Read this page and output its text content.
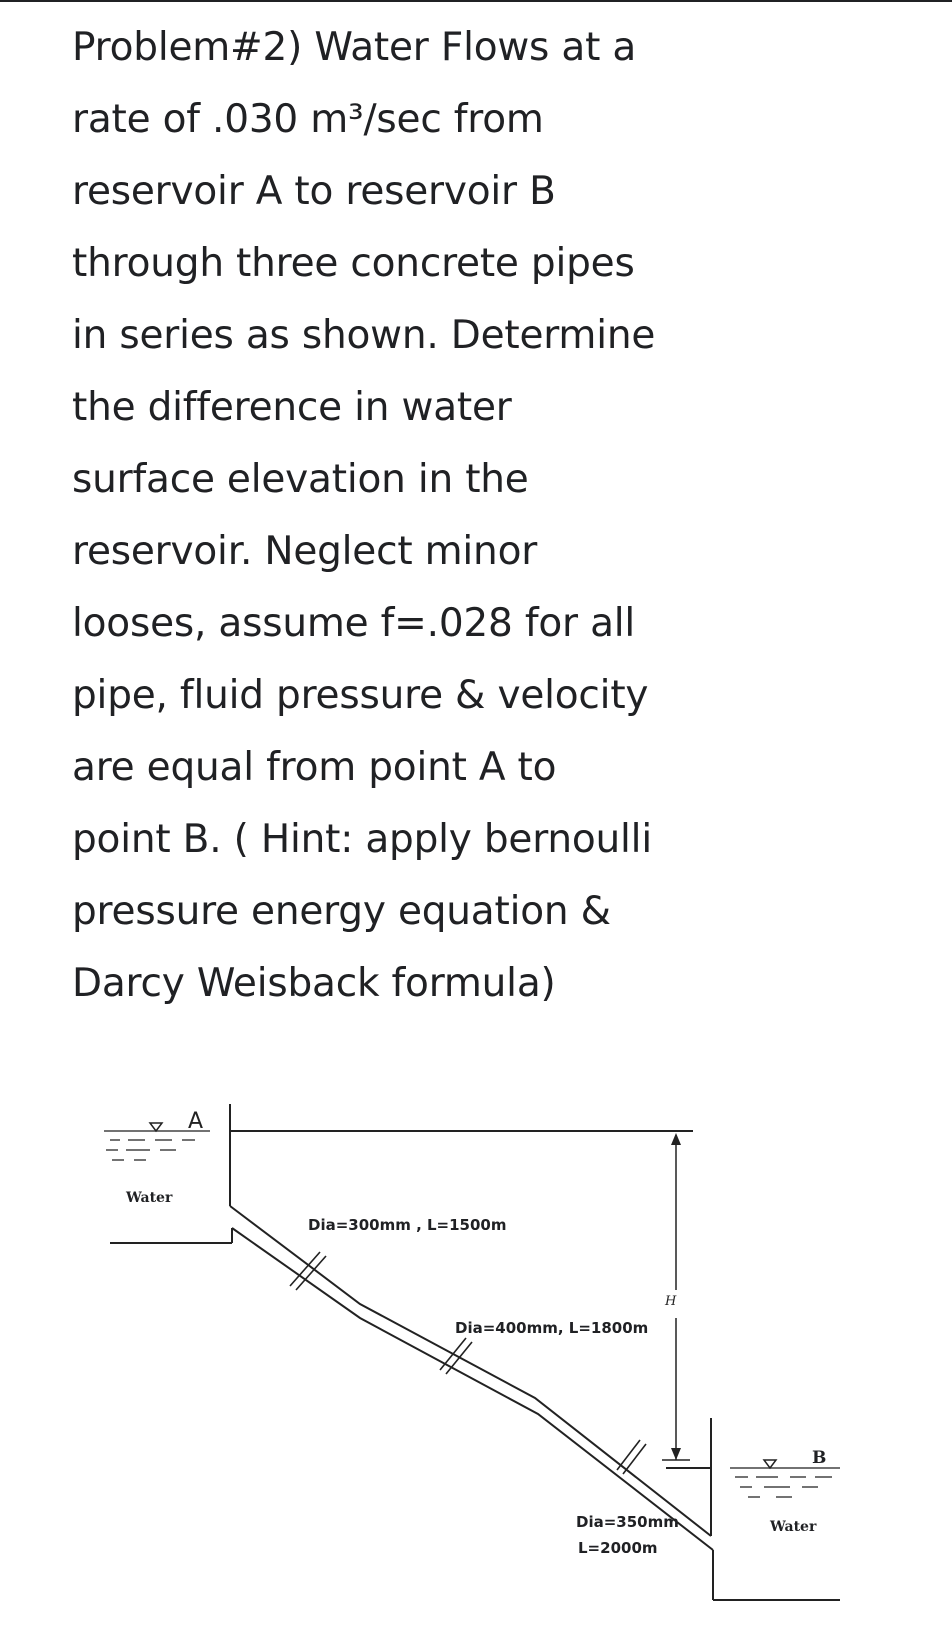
Problem#2) Water Flows at a
rate of .030 m³/sec from
reservoir A to reservoir B
through three concrete pipes
in series as shown. Determine
the difference in water
surface elevation in the
reservoir. Neglect minor
looses, assume f=.028 for all
pipe, fluid pressure & velocity
are equal from point A to
point B. ( Hint: apply bernoulli
pressure energy equation &
Darcy Weisback formula)
A
Water
B
Water
H
Dia=300mm , L=1500m
Dia=400mm, L=1800m
Dia=350mm
L=2000m
